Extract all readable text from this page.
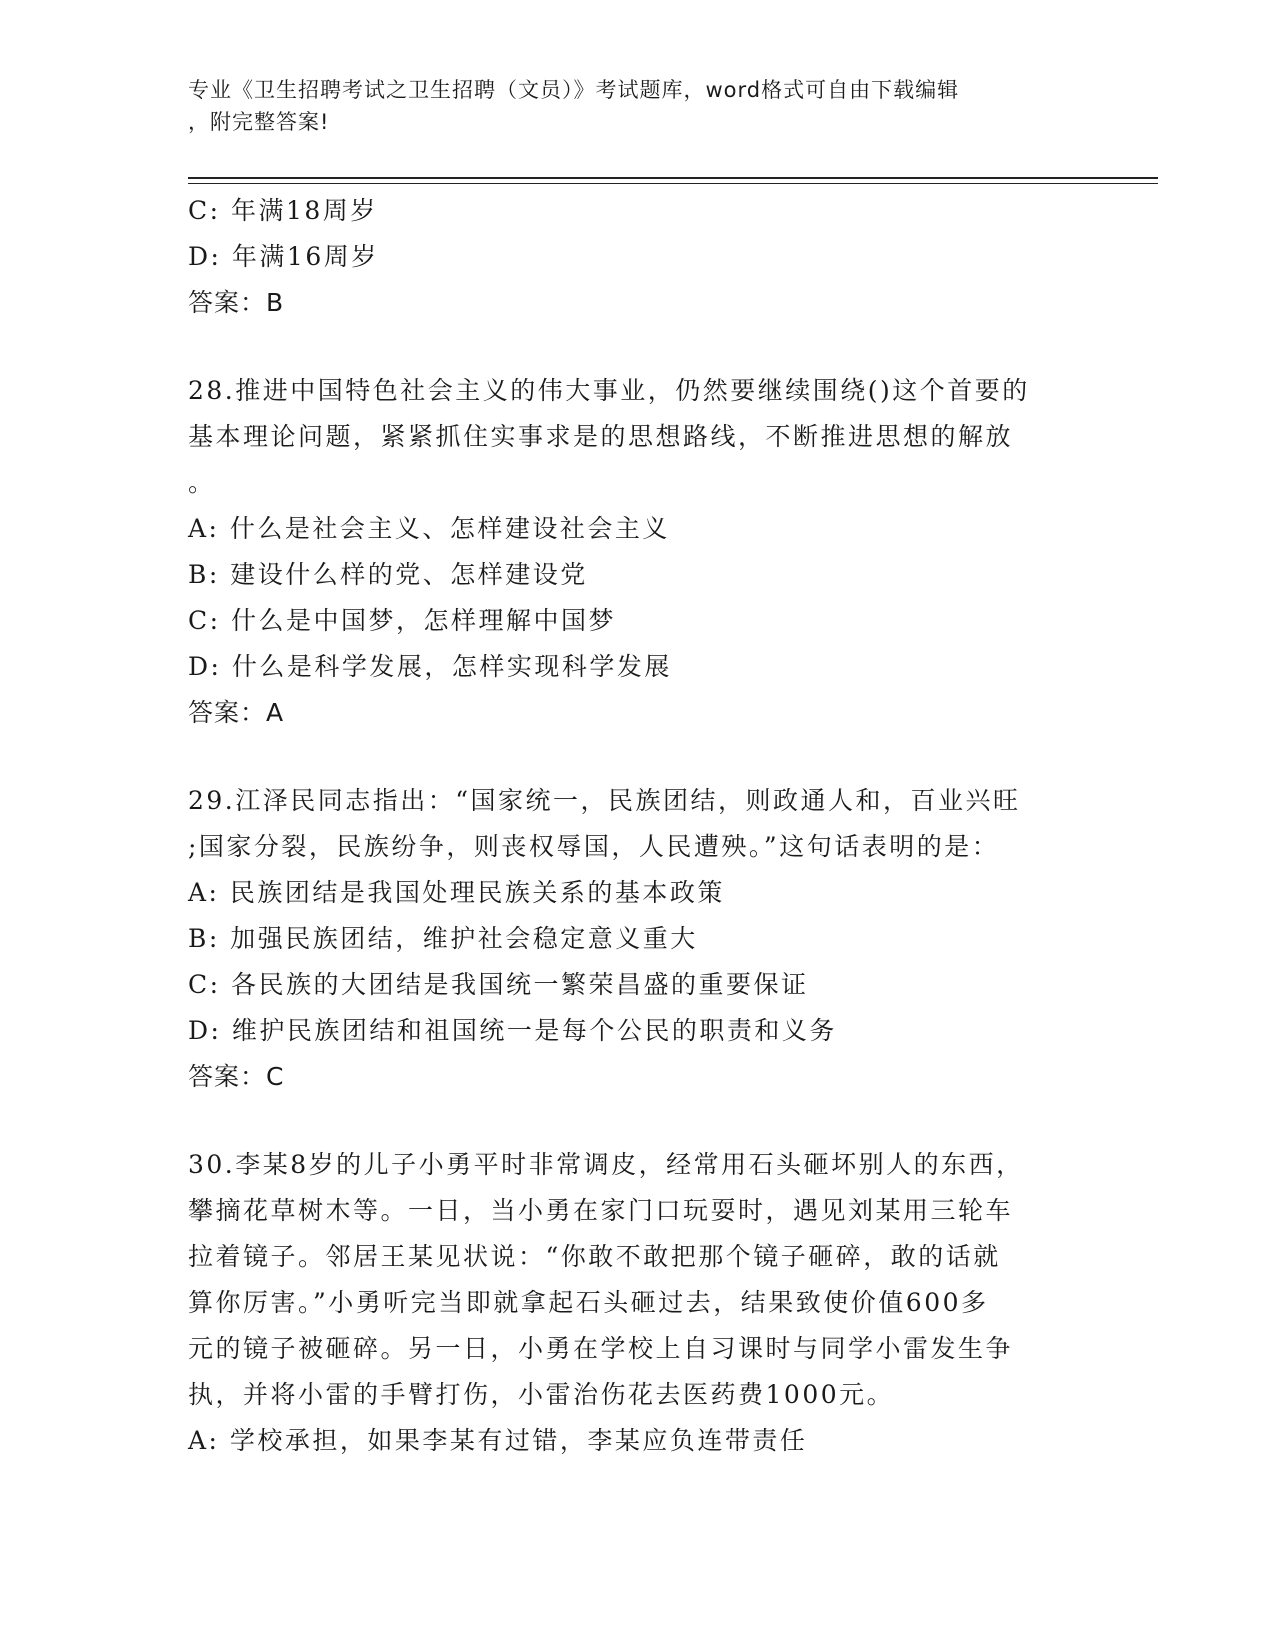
专业《卫生招聘考试之卫生招聘（文员）》考试题库，word格式可自由下载编辑
，附完整答案!
C: 年满18周岁
D: 年满16周岁
答案：B
28.推进中国特色社会主义的伟大事业，仍然要继续围绕()这个首要的
基本理论问题，紧紧抓住实事求是的思想路线，不断推进思想的解放
。
A: 什么是社会主义、怎样建设社会主义
B: 建设什么样的党、怎样建设党
C: 什么是中国梦，怎样理解中国梦
D: 什么是科学发展，怎样实现科学发展
答案：A
29.江泽民同志指出：“国家统一，民族团结，则政通人和，百业兴旺
;国家分裂，民族纷争，则丧权辱国，人民遭殃。”这句话表明的是：
A: 民族团结是我国处理民族关系的基本政策
B: 加强民族团结，维护社会稳定意义重大
C: 各民族的大团结是我国统一繁荣昌盛的重要保证
D: 维护民族团结和祖国统一是每个公民的职责和义务
答案：C
30.李某8岁的儿子小勇平时非常调皮，经常用石头砸坏别人的东西，
攀摘花草树木等。一日，当小勇在家门口玩耍时，遇见刘某用三轮车
拉着镜子。邻居王某见状说：“你敢不敢把那个镜子砸碎，敢的话就
算你厉害。”小勇听完当即就拿起石头砸过去，结果致使价值600多
元的镜子被砸碎。另一日，小勇在学校上自习课时与同学小雷发生争
执，并将小雷的手臂打伤，小雷治伤花去医药费1000元。
A: 学校承担，如果李某有过错，李某应负连带责任
